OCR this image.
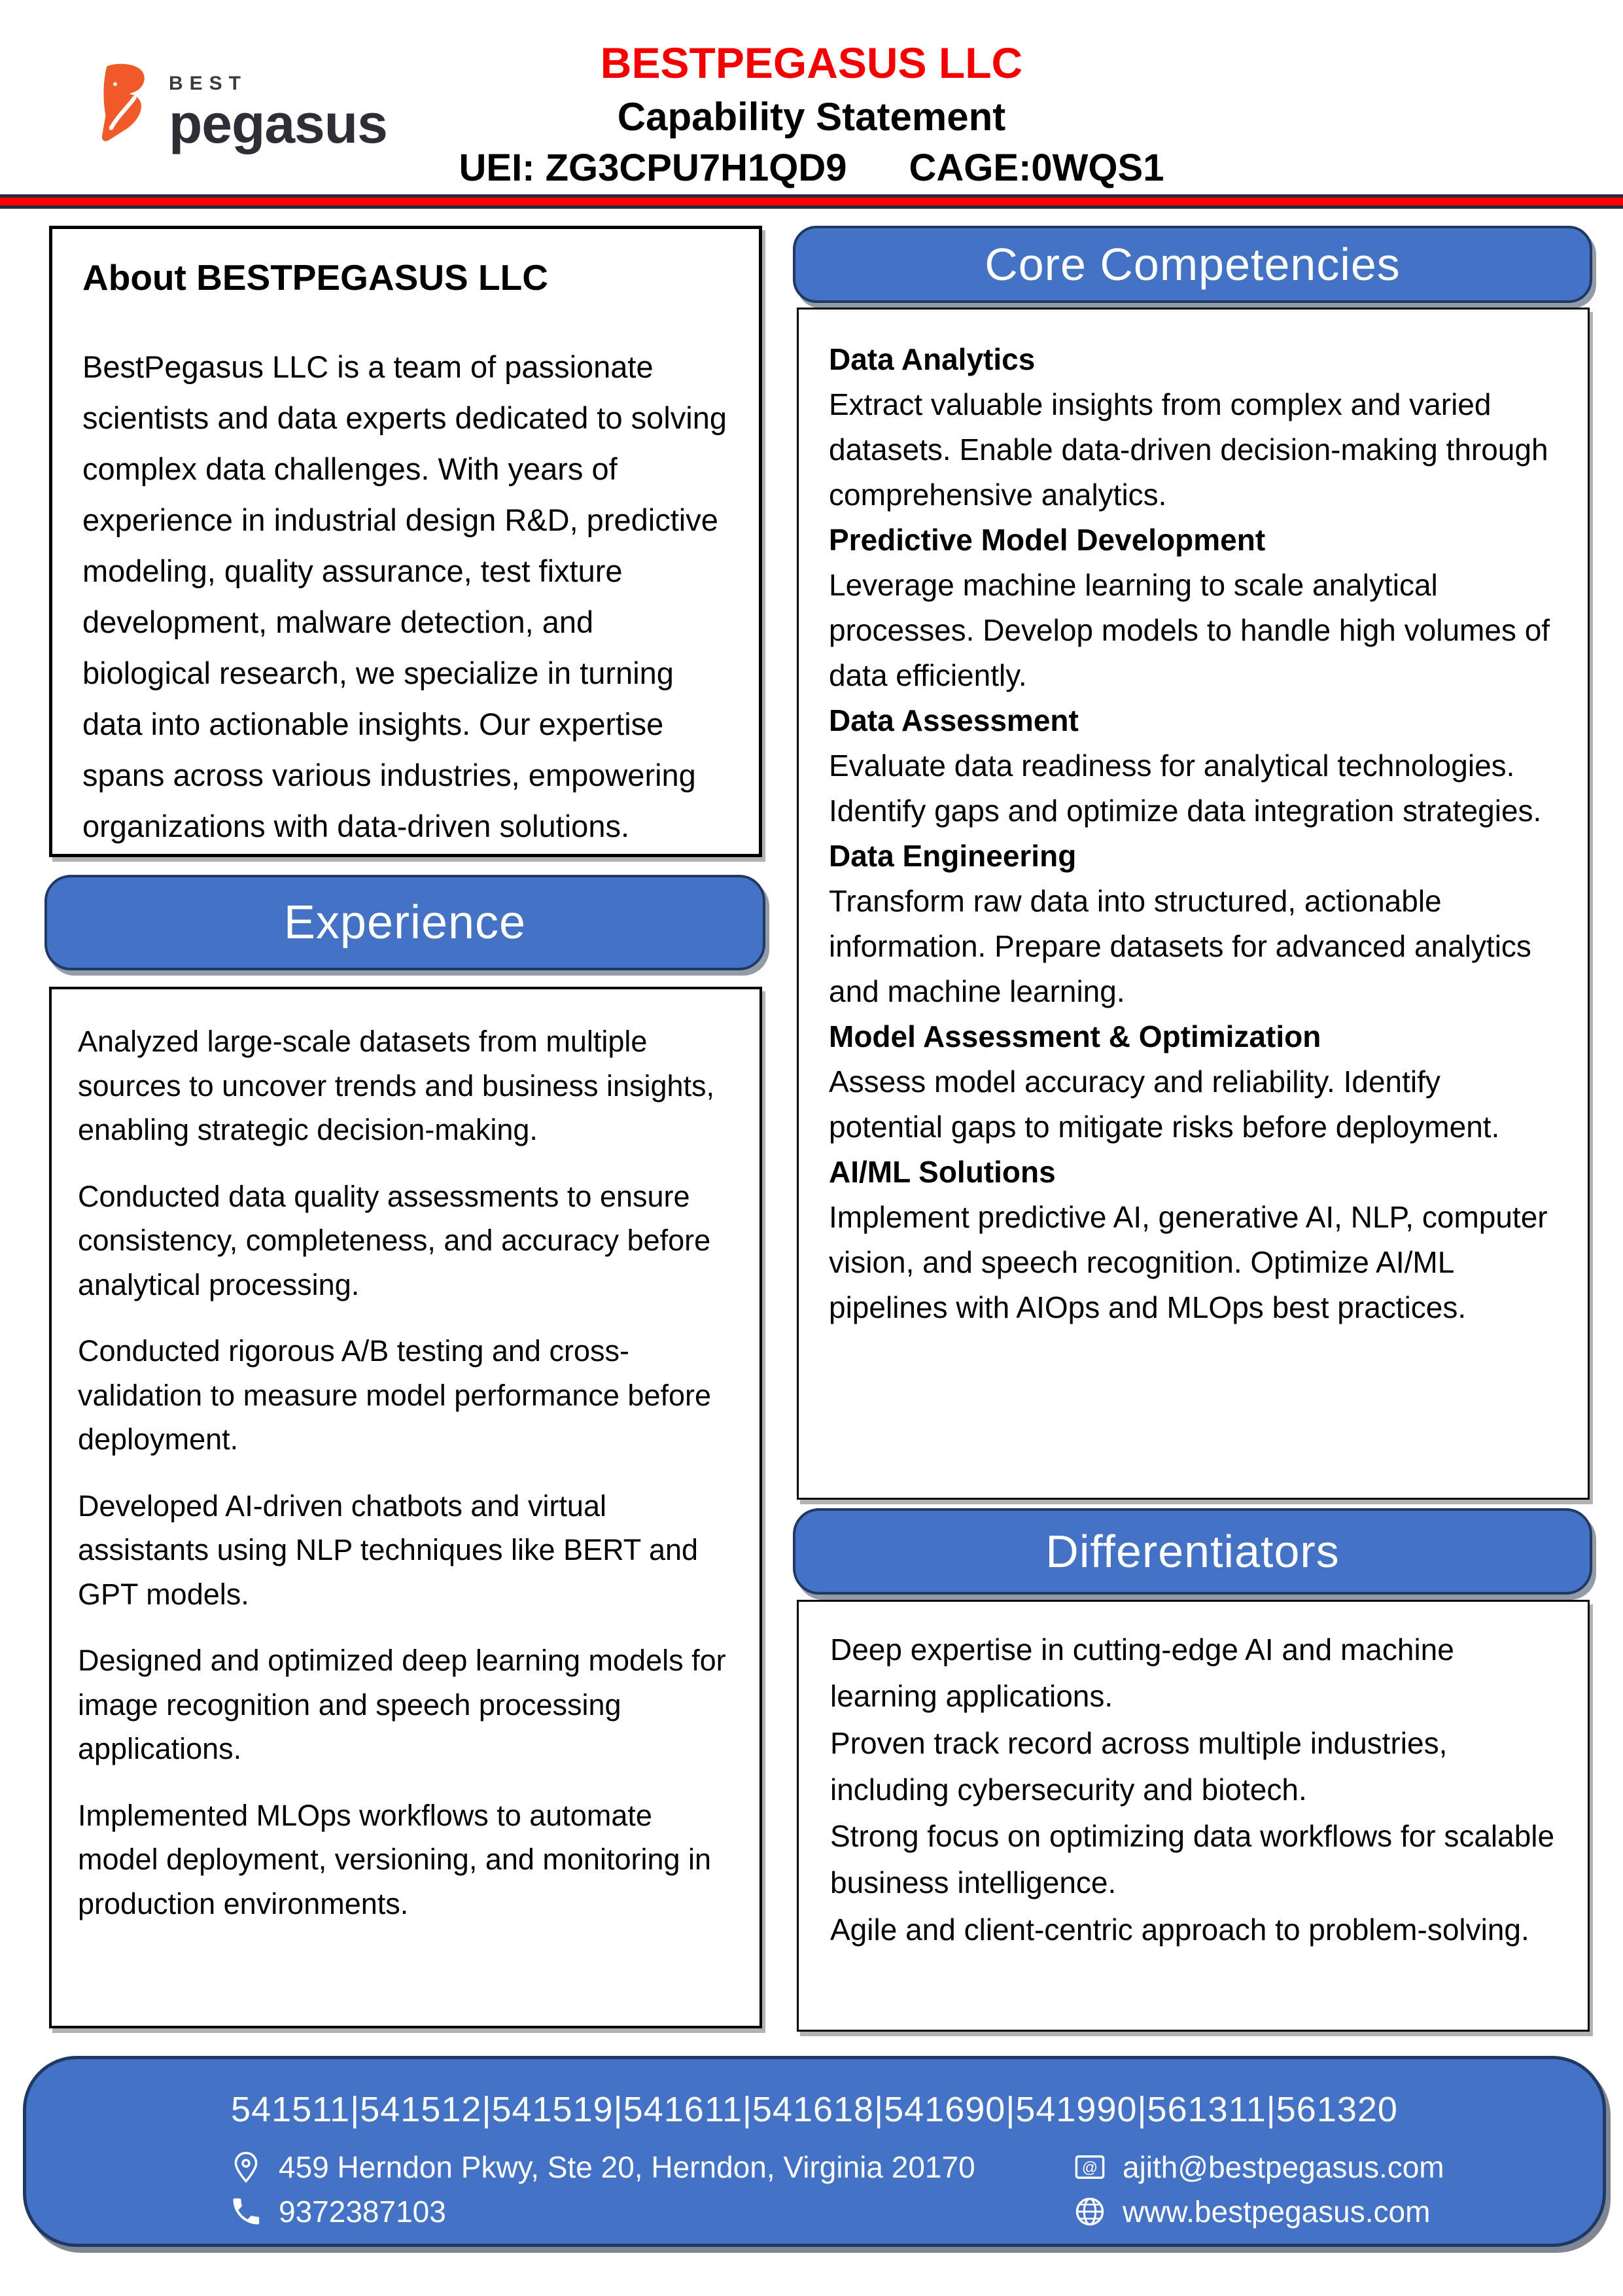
BEST
pegasus
BESTPEGASUS LLC
Capability Statement
UEI: ZG3CPU7H1QD9 CAGE:0WQS1
About BESTPEGASUS LLC
BestPegasus LLC is a team of passionate scientists and data experts dedicated to solving complex data challenges. With years of experience in industrial design R&D, predictive modeling, quality assurance, test fixture development, malware detection, and biological research, we specialize in turning data into actionable insights. Our expertise spans across various industries, empowering organizations with data-driven solutions.
Experience

Analyzed large-scale datasets from multiple sources to uncover trends and business insights, enabling strategic decision-making.

Conducted data quality assessments to ensure consistency, completeness, and accuracy before analytical processing.

Conducted rigorous A/B testing and cross-validation to measure model performance before deployment.

Developed AI-driven chatbots and virtual assistants using NLP techniques like BERT and GPT models.

Designed and optimized deep learning models for image recognition and speech processing applications.

Implemented MLOps workflows to automate model deployment, versioning, and monitoring in production environments.

Core Competencies
Data Analytics
Extract valuable insights from complex and varied datasets. Enable data-driven decision-making through comprehensive analytics.
Predictive Model Development
Leverage machine learning to scale analytical processes. Develop models to handle high volumes of data efficiently.
Data Assessment
Evaluate data readiness for analytical technologies. Identify gaps and optimize data integration strategies.
Data Engineering
Transform raw data into structured, actionable information. Prepare datasets for advanced analytics and machine learning.
Model Assessment & Optimization
Assess model accuracy and reliability. Identify potential gaps to mitigate risks before deployment.
AI/ML Solutions
Implement predictive AI, generative AI, NLP, computer vision, and speech recognition. Optimize AI/ML pipelines with AIOps and MLOps best practices.
Differentiators
Deep expertise in cutting-edge AI and machine learning applications.
Proven track record across multiple industries, including cybersecurity and biotech.
Strong focus on optimizing data workflows for scalable business intelligence.
Agile and client-centric approach to problem-solving.
541511|541512|541519|541611|541618|541690|541990|561311|561320
459 Herndon Pkwy, Ste 20, Herndon, Virginia 20170
9372387103
@ ajith@bestpegasus.com
www.bestpegasus.com
